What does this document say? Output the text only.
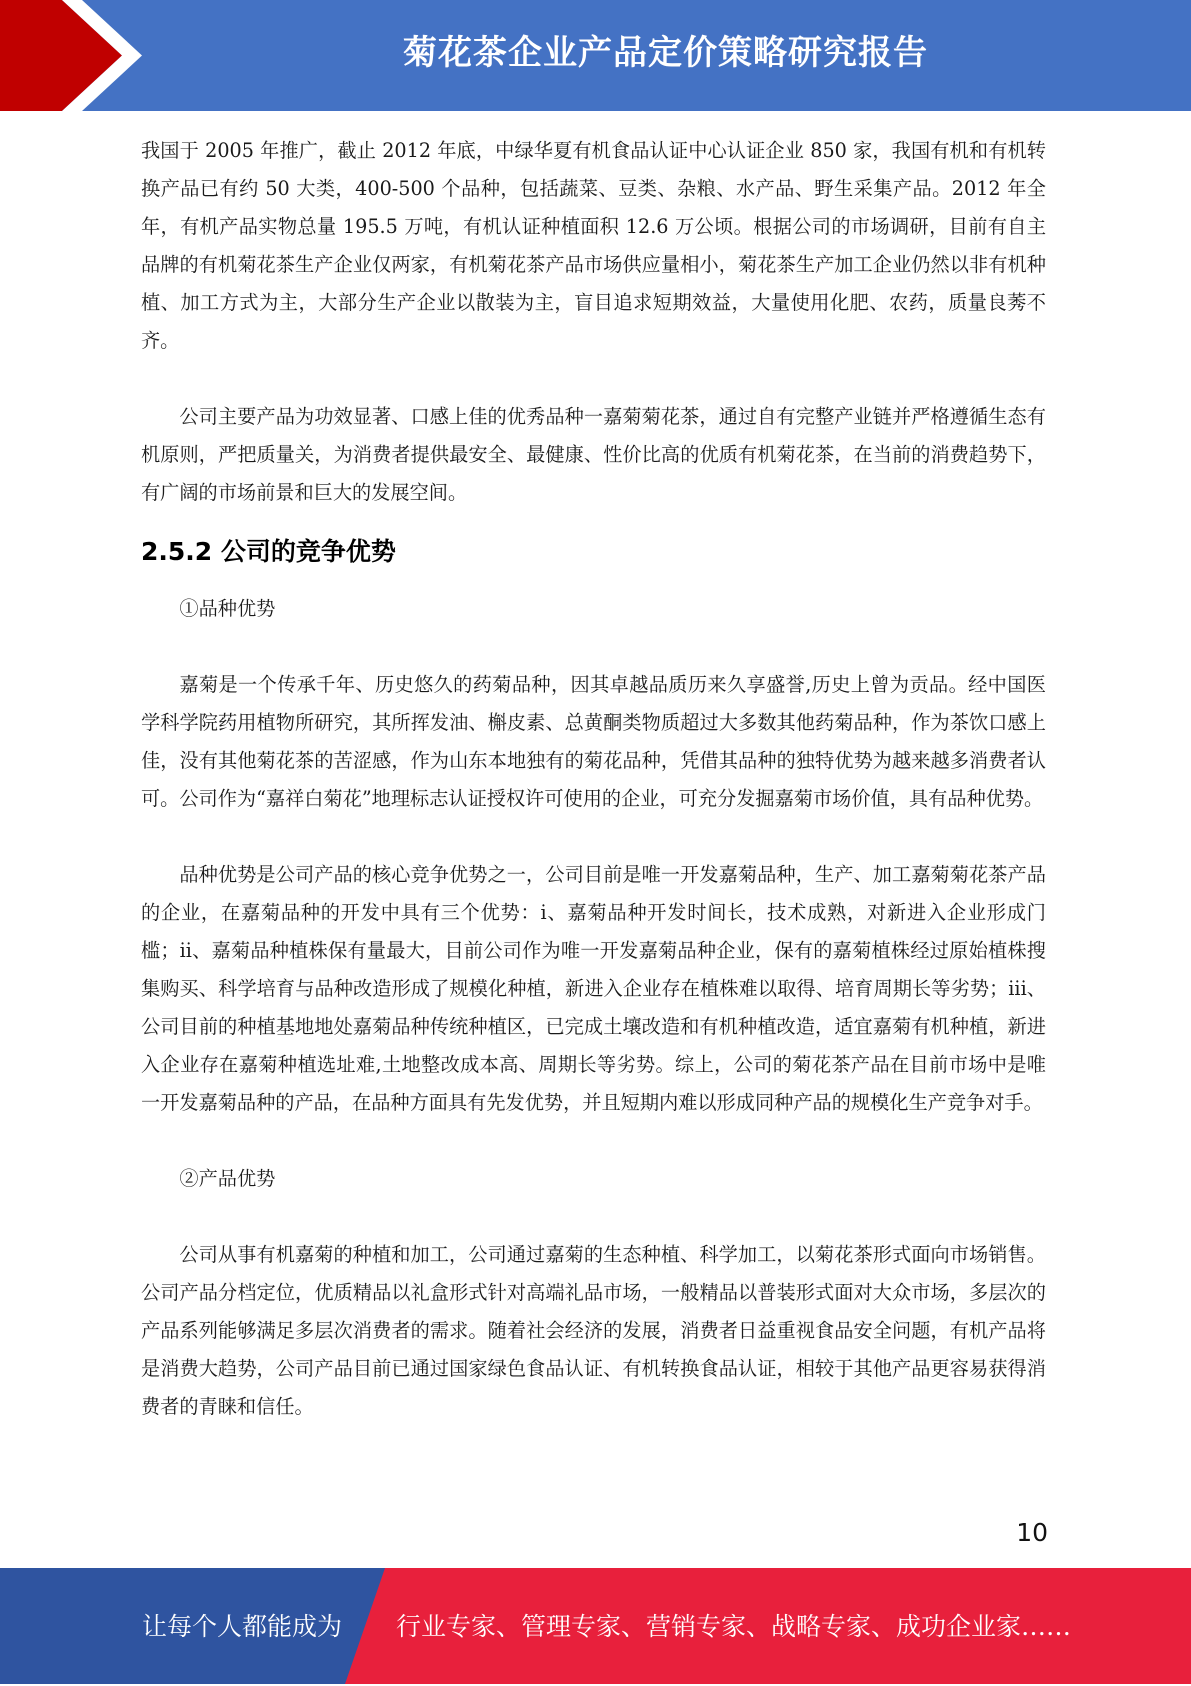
菊花茶企业产品定价策略研究报告

我国于 2005 年推广，截止 2012 年底，中绿华夏有机食品认证中心认证企业 850 家，我国有机和有机转换产品已有约 50 大类，400-500 个品种，包括蔬菜、豆类、杂粮、水产品、野生采集产品。2012 年全年，有机产品实物总量 195.5 万吨，有机认证种植面积 12.6 万公顷。根据公司的市场调研，目前有自主品牌的有机菊花茶生产企业仅两家，有机菊花茶产品市场供应量相小，菊花茶生产加工企业仍然以非有机种植、加工方式为主，大部分生产企业以散装为主，盲目追求短期效益，大量使用化肥、农药，质量良莠不齐。

公司主要产品为功效显著、口感上佳的优秀品种一嘉菊菊花茶，通过自有完整产业链并严格遵循生态有机原则，严把质量关，为消费者提供最安全、最健康、性价比高的优质有机菊花茶，在当前的消费趋势下，有广阔的市场前景和巨大的发展空间。

2.5.2 公司的竞争优势

①品种优势

嘉菊是一个传承千年、历史悠久的药菊品种，因其卓越品质历来久享盛誉,历史上曾为贡品。经中国医学科学院药用植物所研究，其所挥发油、槲皮素、总黄酮类物质超过大多数其他药菊品种，作为茶饮口感上佳，没有其他菊花茶的苦涩感，作为山东本地独有的菊花品种，凭借其品种的独特优势为越来越多消费者认可。公司作为“嘉祥白菊花”地理标志认证授权许可使用的企业，可充分发掘嘉菊市场价值，具有品种优势。

品种优势是公司产品的核心竞争优势之一，公司目前是唯一开发嘉菊品种，生产、加工嘉菊菊花茶产品的企业，在嘉菊品种的开发中具有三个优势：i、嘉菊品种开发时间长，技术成熟，对新进入企业形成门槛；ii、嘉菊品种植株保有量最大，目前公司作为唯一开发嘉菊品种企业，保有的嘉菊植株经过原始植株搜集购买、科学培育与品种改造形成了规模化种植，新进入企业存在植株难以取得、培育周期长等劣势；iii、公司目前的种植基地地处嘉菊品种传统种植区，已完成土壤改造和有机种植改造，适宜嘉菊有机种植，新进入企业存在嘉菊种植选址难,土地整改成本高、周期长等劣势。综上，公司的菊花茶产品在目前市场中是唯一开发嘉菊品种的产品，在品种方面具有先发优势，并且短期内难以形成同种产品的规模化生产竞争对手。

②产品优势

公司从事有机嘉菊的种植和加工，公司通过嘉菊的生态种植、科学加工，以菊花茶形式面向市场销售。公司产品分档定位，优质精品以礼盒形式针对高端礼品市场，一般精品以普装形式面对大众市场，多层次的产品系列能够满足多层次消费者的需求。随着社会经济的发展，消费者日益重视食品安全问题，有机产品将是消费大趋势，公司产品目前已通过国家绿色食品认证、有机转换食品认证，相较于其他产品更容易获得消费者的青睐和信任。

10
让每个人都能成为 行业专家、管理专家、营销专家、战略专家、成功企业家……
